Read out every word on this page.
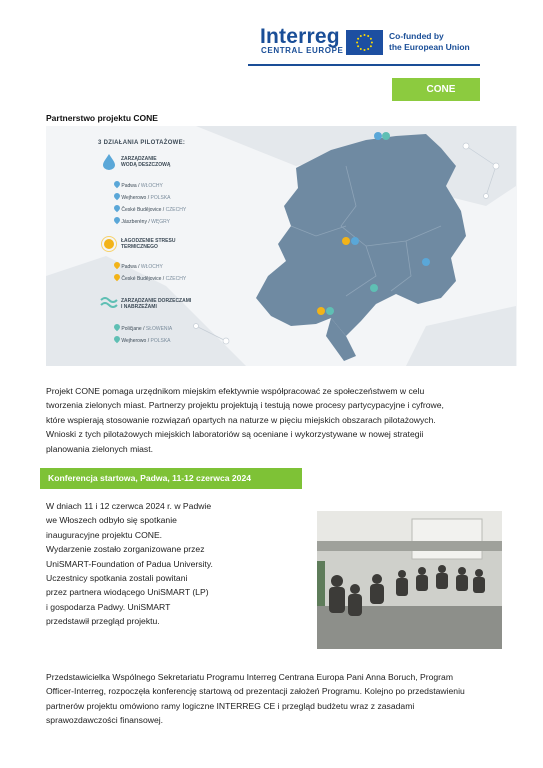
Interreg
CENTRAL EUROPE
Co-funded by
the European Union
CONE
Partnerstwo projektu CONE
3 DZIAŁANIA PILOTAŻOWE:
ZARZĄDZANIE
WODĄ DESZCZOWĄ
Padwa / WŁOCHY
Wejherowo / POLSKA
České Budějovice / CZECHY
Jászberény / WĘGRY
ŁAGODZENIE STRESU
TERMICZNEGO
Padwa / WŁOCHY
České Budějovice / CZECHY
ZARZĄDZANIE DORZECZAMI
I NABRZEŻAMI
Poličjane / SŁOWENIA
Wejherowo / POLSKA
Projekt CONE pomaga urzędnikom miejskim efektywnie współpracować ze społeczeństwem w celu
tworzenia zielonych miast. Partnerzy projektu projektują i testują nowe procesy partycypacyjne i cyfrowe,
które wspierają stosowanie rozwiązań opartych na naturze w pięciu miejskich obszarach pilotażowych.
Wnioski z tych pilotażowych miejskich laboratoriów są oceniane i wykorzystywane w nowej strategii
planowania zielonych miast.
Konferencja startowa, Padwa, 11-12 czerwca 2024
W dniach 11 i 12 czerwca 2024 r. w Padwie
we Włoszech odbyło się spotkanie
inauguracyjne projektu CONE.
Wydarzenie zostało zorganizowane przez
UniSMART-Foundation of Padua University.
Uczestnicy spotkania zostali powitani
przez partnera wiodącego UniSMART (LP)
i gospodarza Padwy. UniSMART
przedstawił przegląd projektu.
Przedstawicielka Wspólnego Sekretariatu Programu Interreg Centrana Europa Pani Anna Boruch, Program
Officer-Interreg, rozpoczęła konferencję startową od prezentacji założeń Programu. Kolejno po przedstawieniu
partnerów projektu omówiono ramy logiczne INTERREG CE i przegląd budżetu wraz z zasadami
sprawozdawczości finansowej.
